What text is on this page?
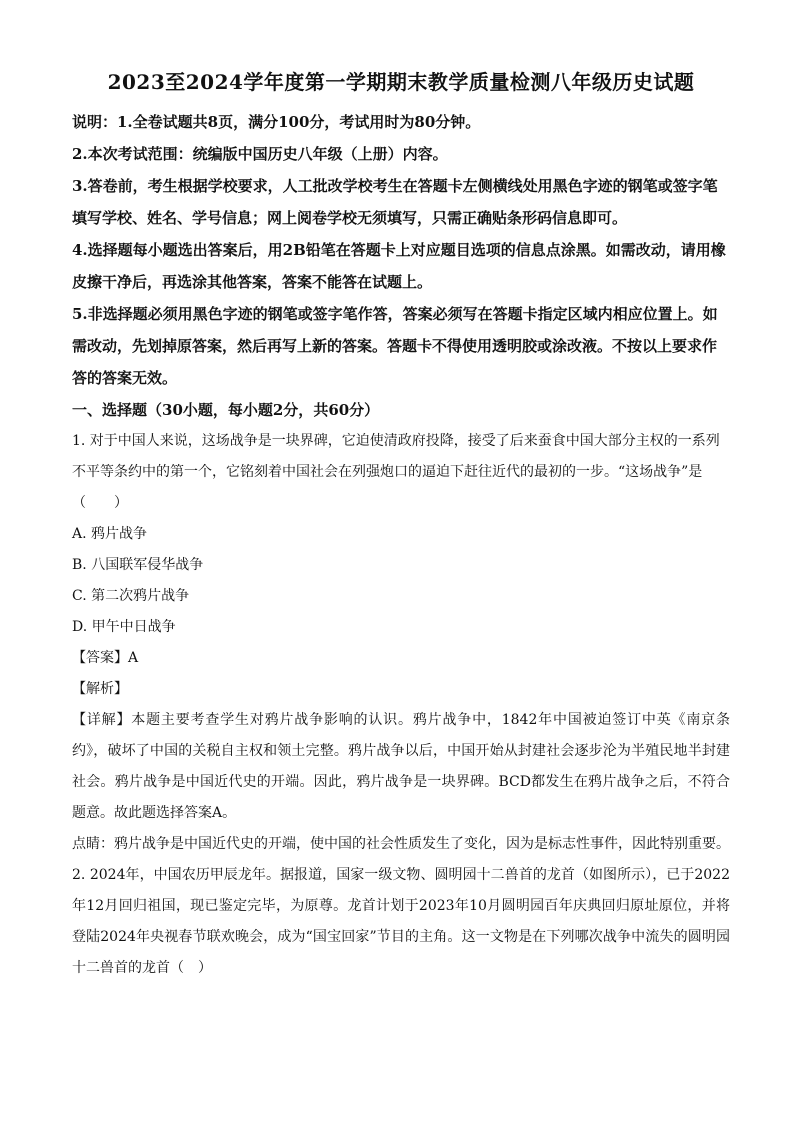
2023至2024学年度第一学期期末教学质量检测八年级历史试题

说明：1.全卷试题共8页，满分100分，考试用时为80分钟。

2.本次考试范围：统编版中国历史八年级（上册）内容。

3.答卷前，考生根据学校要求，人工批改学校考生在答题卡左侧横线处用黑色字迹的钢笔或签字笔填写学校、姓名、学号信息；网上阅卷学校无须填写，只需正确贴条形码信息即可。

4.选择题每小题选出答案后，用2B铅笔在答题卡上对应题目选项的信息点涂黑。如需改动，请用橡皮擦干净后，再选涂其他答案，答案不能答在试题上。

5.非选择题必须用黑色字迹的钢笔或签字笔作答，答案必须写在答题卡指定区域内相应位置上。如需改动，先划掉原答案，然后再写上新的答案。答题卡不得使用透明胶或涂改液。不按以上要求作答的答案无效。

一、选择题（30小题，每小题2分，共60分）

1. 对于中国人来说，这场战争是一块界碑，它迫使清政府投降，接受了后来蚕食中国大部分主权的一系列

不平等条约中的第一个，它铭刻着中国社会在列强炮口的逼迫下赶往近代的最初的一步。“这场战争”是

（　　）

A. 鸦片战争

B. 八国联军侵华战争

C. 第二次鸦片战争

D. 甲午中日战争

【答案】A

【解析】

【详解】本题主要考查学生对鸦片战争影响的认识。鸦片战争中，1842年中国被迫签订中英《南京条约》，破坏了中国的关税自主权和领土完整。鸦片战争以后，中国开始从封建社会逐步沦为半殖民地半封建社会。鸦片战争是中国近代史的开端。因此，鸦片战争是一块界碑。BCD都发生在鸦片战争之后，不符合题意。故此题选择答案A。

点睛：鸦片战争是中国近代史的开端，使中国的社会性质发生了变化，因为是标志性事件，因此特别重要。

2. 2024年，中国农历甲辰龙年。据报道，国家一级文物、圆明园十二兽首的龙首（如图所示），已于2022年12月回归祖国，现已鉴定完毕，为原尊。龙首计划于2023年10月圆明园百年庆典回归原址原位，并将登陆2024年央视春节联欢晚会，成为“国宝回家”节目的主角。这一文物是在下列哪次战争中流失的圆明园十二兽首的龙首（　）
